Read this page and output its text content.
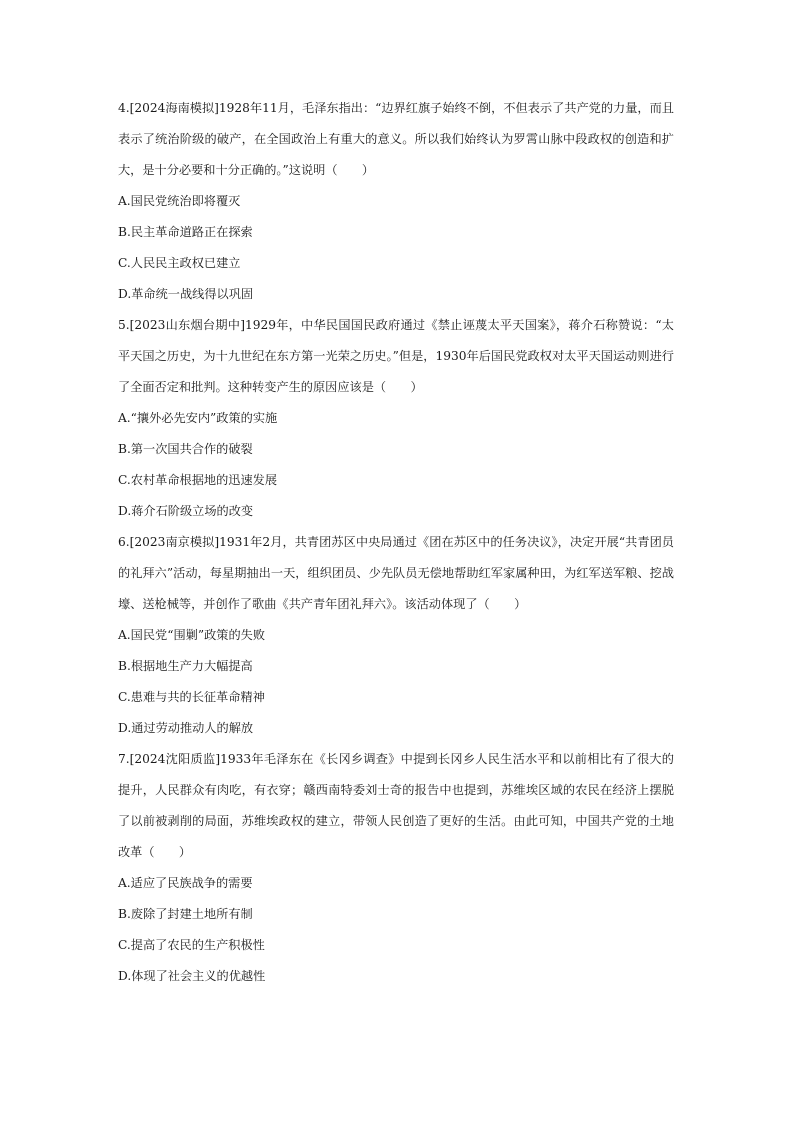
4.[2024海南模拟]1928年11月，毛泽东指出：“边界红旗子始终不倒，不但表示了共产党的力量，而且表示了统治阶级的破产，在全国政治上有重大的意义。所以我们始终认为罗霄山脉中段政权的创造和扩大，是十分必要和十分正确的。”这说明（　　）

A.国民党统治即将覆灭

B.民主革命道路正在探索

C.人民民主政权已建立

D.革命统一战线得以巩固

5.[2023山东烟台期中]1929年，中华民国国民政府通过《禁止诬蔑太平天国案》，蒋介石称赞说：“太平天国之历史，为十九世纪在东方第一光荣之历史。”但是，1930年后国民党政权对太平天国运动则进行了全面否定和批判。这种转变产生的原因应该是（　　）

A.“攘外必先安内”政策的实施

B.第一次国共合作的破裂

C.农村革命根据地的迅速发展

D.蒋介石阶级立场的改变

6.[2023南京模拟]1931年2月，共青团苏区中央局通过《团在苏区中的任务决议》，决定开展“共青团员的礼拜六”活动，每星期抽出一天，组织团员、少先队员无偿地帮助红军家属种田，为红军送军粮、挖战壕、送枪械等，并创作了歌曲《共产青年团礼拜六》。该活动体现了（　　）

A.国民党“围剿”政策的失败

B.根据地生产力大幅提高

C.患难与共的长征革命精神

D.通过劳动推动人的解放

7.[2024沈阳质监]1933年毛泽东在《长冈乡调查》中提到长冈乡人民生活水平和以前相比有了很大的提升，人民群众有肉吃，有衣穿；赣西南特委刘士奇的报告中也提到，苏维埃区域的农民在经济上摆脱了以前被剥削的局面，苏维埃政权的建立，带领人民创造了更好的生活。由此可知，中国共产党的土地改革（　　）

A.适应了民族战争的需要

B.废除了封建土地所有制

C.提高了农民的生产积极性

D.体现了社会主义的优越性
